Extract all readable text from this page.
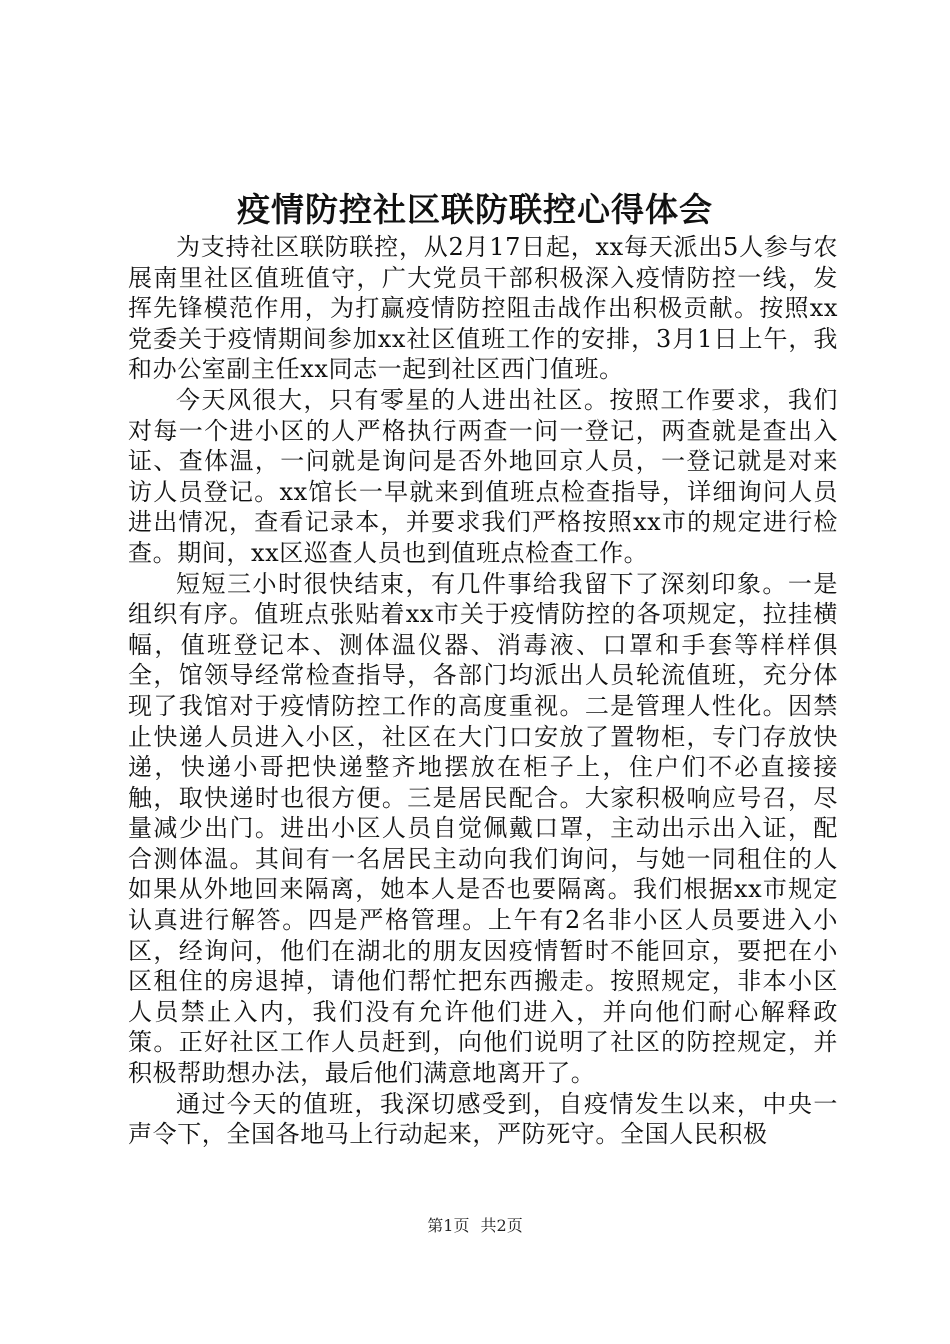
疫情防控社区联防联控心得体会

为支持社区联防联控，从2月17日起，xx每天派出5人参与农展南里社区值班值守，广大党员干部积极深入疫情防控一线，发挥先锋模范作用，为打赢疫情防控阻击战作出积极贡献。按照xx党委关于疫情期间参加xx社区值班工作的安排，3月1日上午，我和办公室副主任xx同志一起到社区西门值班。

今天风很大，只有零星的人进出社区。按照工作要求，我们对每一个进小区的人严格执行两查一问一登记，两查就是查出入证、查体温，一问就是询问是否外地回京人员，一登记就是对来访人员登记。xx馆长一早就来到值班点检查指导，详细询问人员进出情况，查看记录本，并要求我们严格按照xx市的规定进行检查。期间，xx区巡查人员也到值班点检查工作。

短短三小时很快结束，有几件事给我留下了深刻印象。一是组织有序。值班点张贴着xx市关于疫情防控的各项规定，拉挂横幅，值班登记本、测体温仪器、消毒液、口罩和手套等样样俱全，馆领导经常检查指导，各部门均派出人员轮流值班，充分体现了我馆对于疫情防控工作的高度重视。二是管理人性化。因禁止快递人员进入小区，社区在大门口安放了置物柜，专门存放快递，快递小哥把快递整齐地摆放在柜子上，住户们不必直接接触，取快递时也很方便。三是居民配合。大家积极响应号召，尽量减少出门。进出小区人员自觉佩戴口罩，主动出示出入证，配合测体温。其间有一名居民主动向我们询问，与她一同租住的人如果从外地回来隔离，她本人是否也要隔离。我们根据xx市规定认真进行解答。四是严格管理。上午有2名非小区人员要进入小区，经询问，他们在湖北的朋友因疫情暂时不能回京，要把在小区租住的房退掉，请他们帮忙把东西搬走。按照规定，非本小区人员禁止入内，我们没有允许他们进入，并向他们耐心解释政策。正好社区工作人员赶到，向他们说明了社区的防控规定，并积极帮助想办法，最后他们满意地离开了。

通过今天的值班，我深切感受到，自疫情发生以来，中央一声令下，全国各地马上行动起来，严防死守。全国人民积极

第1页 共2页
